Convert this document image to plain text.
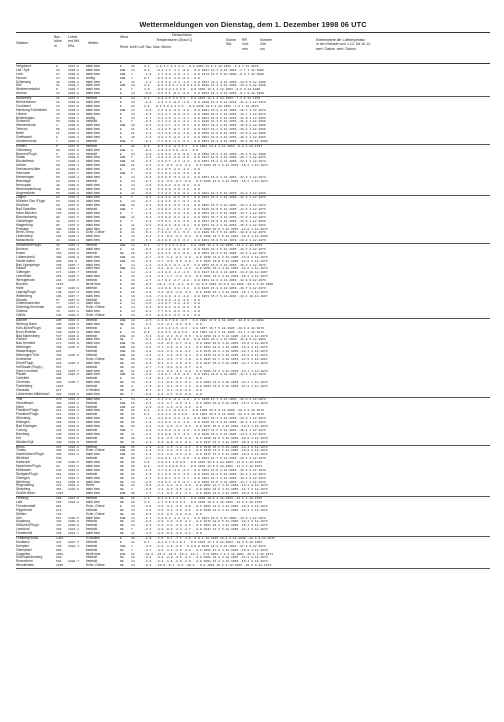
Wettermeldungen von Dienstag, dem 1. Dezember 1998 06 UTC
Station
Bar.-
höhe
m
Luftdr.
red.NN
hPa
Wetter
Wind
Richt. km/h Luft Tau- Max. Minim.
Deutschland
Temperaturen (Grad C)	Sonne
Std.
RR
Vort.
mm
Schnee
24h
cm
Extremwerte der Lufttemperatur
in den Dekade vom 1.12. bis 10.12.
wert  Datum  wert  Datum
Helgoland	8	1037.8 stark bew.	E	25	3.1 1.9 4.1 3.4 3.0 . 0.0 1952 12.0 4.12.1953 -4.4 7.12.1979
List / Sylt	26	1038.2 stark bew.	ENE 14	0.2 -0.4 1.2 -1.1 -0.9 . 0.0 1937 11.7 4.12.1953 -7.7 7.12.1980
Leck	17	1038.8 stark bew.	ENE 7	-1.5 -2.7 3.0 -1.8 -1.4 . 0.0 1974 11.5 5.12.1986 -9.6 7.12.1980
Husum	27	1038.8 wolkig	ENE 7	0.7 -0.5 3.3 -1.8 -0.5 . 0.0
Schleswig	48	1038.8 stark bew.	E	11	-1.1 -1.9 1.8 -2.4 -1.6 . 0.0 1947 12.2 4.12.1953 -14.5 6.12.1980
Kiel	31	1038.7 stark bew.	ENE 14	1.0 -0.9 3.8 2.7 1.0 0.1 0.0 1940 14.3 4.12.1953 -13.6 8.12.1980
Westermarkelsd.	9	1038.7 stark bew.	E	7	1.0 -0.9 3.0 2.8 1.0 . 0.0 1951 12.1 4.12.1953 -9.6 8.12.1980
Arkona	42	1040.0 stark bew.	E	14	-0.9 -3.5 3.1 -0.9 -0.9 . 0.0 1951 12.1 4.12.1953 -8.7 9.12.1969
Norderney	16	1037.2 bedeckt	E	14	0.9 -0.8 2.5 2.0 0.9 . 0.0 1947 11.4 4.12.1953 -7.3 6.12.1978
Bremerhaven	11	1038.0 stark bew.	E	14	-1.0 -2.2 1.4 -0.2 -1.0 . 0.0 1949 13.8 5.12.1978 -11.2 1.12.1973
Cuxhaven	12	1037.8 stark bew.	E	22	1.6 0.3 2.8 2.4 1.5 . 0.0 1948 13.5 4.12.1953 -7.2 1.12.1973
Hamburg-Fuhlsbüttel	15	1038.4 stark bew.	ENE 14	-0.8 -2.2 3.3 -0.8 -2.0 . 0.0 1991 16.4 4.12.1953 -12.6 1.12.1973
Lübeck	15	1038.9 stark bew.	E	14	-0.3 -2.3 2.7 -0.8 -0.3 . 0.0 1890 15.3 4.12.1953 -13.7 1.12.1973
Boltenhagen	17	1038.7 wolkig	E	14	-1.7 -3.1 2.5 -1.4 -1.7 . 0.0 1951 13.9 5.12.1978 -11.0 1.12.1969
Schwerin	59	1038.8 bedeckt	E	7	-2.3 -3.7 1.2 -0.3 -2.4 . 0.1 1948 14.1 5.12.1953 -11.6 1.12.1969
Warnemünde	4	1039.5 stark bew.	ENE 18	-0.6 -2.4 2.7 -1.1 -0.6 . 0.0 1947 12.4 4.12.1953 -10.2 8.12.1980
Teterow	50	1039.3 stark bew.	E	11	-3.4 -4.4 0.5 -0.7 -3.5 . 0.0 1947 14.1 4.12.1953 -16.2 1.12.1969
Barth	11	1039.3 stark bew.	E	11	-1.9 -3.7 1.8 -0.8 -1.9 . 0.0 1955 14.0 5.12.1978 -14.9 8.12.1980
Greifswald	8	1039.4 stark bew.	E	18	-1.6 -3.0 1.6 -0.8 -1.6 . 0.0 1951 13.8 4.12.1953 -10.6 1.12.1969
Ueckermünde	7	1040.0 bedeckt	ESE 4	-5.1 -7.1 0.3 -1.1 -5.4 . 0.0 1961 14.4 4.12.1953 -15.4 10.12.1989
Emden	5	1037.0 bedeckt	E	22	0.5 -0.5 1.0 -0.6 0.1 . 0.0 1951 14.4 4.12.1953 -9.8 1.12.1973
Oldenburg	20	1037.8 stark bew.	ENE 4	-0.1 -1.8 1.3 1.0 -0.2 . 0.0
Bremen/Flugh.	5	1037.9 bedeckt	E	14	-0.8 -1.9 1.9 -1.6 -0.8 . 0.0 1890 15.4 4.12.1953 -15.4 5.12.1980
Soltau	76	1038.0 stark bew.	ENE 7	-2.6 -4.0 1.3 -2.8 -2.8 . 0.0 1947 14.5 4.12.1953 -13.7 1.12.1973
Bröckelbeck	74	1038.1 stark bew.	ENE 11	-2.3 -3.9 0.7 -2.1 -2.4 . 0.0 1951 15.4 4.12.1953 -12.1 1.12.1973
Uelzen	50	1038.4 stark bew.	ENE 11	-2.2 -2.1 -0.5 -2.2 -2.1 . 0.0 1954 15.1 5.12.1978 -15.4 1.12.1973
Seehausen/Altm.	23	1038.8 stark bew.	E	14	-4.4 -6.1 0.5 -2.3 -4.4 . 0.0
Hannover	55	1037.7 stark bew.	ENE 7	-3.0 -5.1 0.2 -3.0 -3.0 . 0.0
Memmingen	95	1038.4 stark bew.	E	14	-5.9 -6.5 0.3 -5.4 -6.3 . 0.0 1951 15.0 4.12.1953 -17.2 1.12.1973
Braunlage	29	1038.3 bedeckt	E	14	-8.7 -9.2 -3.6 -8.7 -8.9 . 0.0 1956 12.8 4.12.1953 -15.2 1.12.1973
Neuruppin	40	1039.0 stark bew.	E	14	-4.9 -6.5 0.0 -4.9 -5.2 . 0.0
Neubrandenburg	80	1039.2 stark bew.	E	14	-4.8 -6.3 0.8 -2.0 -4.8 . 0.0
Angermünde	55	1039.6 stark bew.	E	11	-5.0 -7.6 0.3 -3.6 -5.4 . 0.0 1961 14.4 5.12.1978 -14.9 1.12.1969
Lingen	22	1036.4 stark bew.	E	7	-0.5 -1.8 1.1 -0.5 -0.5 . 0.0 1951 16.4 4.12.1953 -12.3 2.12.1973
Münster-Osn./Flugh.	53	1036.0 stark bew.	E	14	-0.7 -1.8 1.1 -0.7 -0.7 . 0.0
Diepholz	39	1037.0 stark bew.	ENE 11	-3.3 -3.9 0.2 -3.3 -3.3 . 0.0 1952 15.5 4.12.1953 -13.0 2.12.1973
Bad Salzuflen	138 1036.0 bedeckt	ENE 7	-1.5 -3.9 0.2 -1.5 -1.5 . 0.0 1926 16.0 5.12.1985 -14.6 1.12.1973
Hann.Münden	157 1036.2 stark bew.	E	7	-1.8 -2.5 0.8 -1.8 -1.8 . 0.0 1951 16.7 5.12.1985 -13.7 1.12.1973
Braunschweig	88	1037.5 stark bew.	ENE 11	-3.2 -4.5 0.0 -3.2 -3.2 . 0.0 1951 15.7 4.12.1953 -17.0 1.12.1973
Gardelegen	48	1037.2 stark bew.	E	7	-1.9 -5.5 0.4 -1.9 -1.9 . 0.0 1947 16.8 4.12.1953 -15.9 1.12.1969
Magdeburg	85	1037.6 stark bew.	E	11	-3.2 -5.6 0.4 -3.2 -3.2 . 0.0 1951 16.4 4.12.1953 -15.6 1.12.1973
Potsdam	100 1038.9 stark bew.	E	18	-4.7 -5.1 -0.7 -4.7 -4.7 . 0.0 1893 15.8 4.12.1953 -14.8 1.12.1973
Berlin-Temp.	48	1038.8 Schn.-Griese	E	11	-5.1 -7.3 0.0 -5.1 -5.3 . 0.0 1929 15.7 5.12.1951 -18.8 9.12.1879
Lindenberg	104 1039.1 stark bew.	E	14	-6.2 -7.2 -0.1 -6.2 -6.2 . 0.0 1906 13.7 5.12.1961 -13.4 1.12.1969
Manschnow	18	1038.1 stark bew.	E	11	-6.3 -8.3 0.3 -6.5 -6.3 . 0.0 1961 15.0 5.12.1978 -14.8 1.12.1973
Düsseldorf/Flugh.	45	1035.4 bedeckt	ENE 14	0.4 -2.7 2.2 0.1 0.0 . 0.0 1969 16.2 5.12.1985 -13.1 2.12.1973
Bochum	87	1034.6 stark bew.	E	11	-0.5 -1.3 1.0 -0.4 -0.5 . 0.0 1926 16.4 5.12.1985 -12.7 2.12.1973
Essen	161 1034.8 bedeckt	NE 29	-0.7 -2.9 1.1 -0.3 -0.9 . 0.0 1951 15.3 5.12.1985 -12.8 2.12.1973
Lüdenscheid	382 1033.9 stark bew.	ENE 18	-2.7 -4.5 -1.1 -2.1 -2.9 . 0.0 1935 11.8 2.12.1985 -13.0 2.12.1973
Kahler Asten	839 892.6	stark bew.	ENE 14	-5.8 -6.7 -3.5 -5.6 -6.0 . 0.0 1951 13.9 5.12.1985 -14.8 1.12.1973
Bad Lippspringe	158 1035.7 stark bew.	E	14	-1.6 -4.1 0.4 -0.4 -1.6 . 0.0 1951 16.0 4.12.1953 -16.2 1.12.1973
Kassel	233 1036.1 stark bew.	NNE 14	-1.1 -4.4 -0.9 -1.1 -1.2 . 0.0 1951 15.1 4.12.1953 -14.6 1.12.1973
Göttingen	171 1036.7 bedeckt	E	14	-1.2 -4.9 0.9 -1.2 -1.3 . 0.0 1947 16.0 4.12.1953 -14.2 10.12.1967
Leinefelde	356 1035.7 stark bew.	E	18	-4.3 -5.3 -1.7 -4.3 -4.3 . 0.0 1951 15.6 4.12.1953 -15.2 1.12.1973
Wernigerode	234 1036.5 bedeckt	E	14	-2.7 -4.7 0.2 -2.7 -2.8 . 0.0 1951 14.0 4.12.1953 -12.9 9.12.1973
Brocken	1153	leicht bew.	E	50	-8.5 -11.1 -3.4 -8.2 -8.8 -11 0.5 1951 11.6 5.12.1962 -15.1 6.12.1995
Halle	103 1036.6 bedeckt	E	22	-3.0 -4.0 0.0 -3.0 -3.2 . 0.0 1946 15.1 4.12.1953 -14.7 1.12.1973
Leipzig/Flugh.	148 1037.3 stark bew.	E	18	-4.8 -5.4 -0.3 -4.8 -4.9 . 0.0 1934 15.1 4.12.1953 -15.1 1.12.1973
Wittenberg	106 1037.7 stark bew.	E	18	-4.8 -7.8 0.9 -4.4 -4.8 . 0.0 1951 15.7 5.12.1961 -13.4 10.12.1967
Dessau	57	1037.0 bedeckt	E	14	-4.0 -5.0 0.0 -4.0 -4.0 . 0.0
Gräfenhainichen	77	1037.4 stark bew.	E	14	-3.6 -4.9 0.7 -3.6 -3.6 . 0.0
Doberlug-Kirchhain	100 1037.6 Schn.-Griese	E	14	-6.8 -8.5 0.3 -6.6 -6.8 . 0.0
Cottbus	70	1037.4 stark bew.	E	14	-6.2 -7.7 0.4 -6.2 -6.4 . 0.0
Görlitz	239 1039.9 Schn.-Griese	E	14	-6.5 -8.2 0.4 -6.5 -6.6 . 0.0
Aachen	205 1033.3 bedeckt	ENE 18	-0.5 -1.3 0.7 0.0 -0.5 . 0.0 1891 17.8 4.12.1953 -12.8 8.12.1962
Nürburg-Barw.	485 1034.5 stark bew.	NE 18	-3.3 -3.6 -2.4 -3.3 -3.5 . 0.0
Köln-Bonn/Flugh.	100 1033.7 bedeckt	E	11	1.4 -2.6 1.8 1.5 -0.3 . 0.0 1957 16.7 5.12.1985 -10.9 2.12.1973
Bonn-Roleber	129 1033.0 stark bew.	E	14	0.8 -2.0 1.6 -0.8 0.8 . 0.0 1951 16.2 5.12.1985 -11.1 2.12.1973
Bad Marienberg	547 1034.0 bedeckt	ESE 11	-5.3 -5.8 -2.3 -5.2 -5.5 . 0.0 1950 13.3 5.12.1985 -13.4 2.12.1973
Gießen	195 1033.9 stark bew.	NE 7	-0.4 -3.4 0.9 -0.4 -0.6 . 0.0 1946 15.2 4.12.1953 -12.8 8.12.1962
Bad Hersfeld	272 1034.9 stark bew.	ENE 18	-3.2 -4.0 -0.3 -2.7 -3.2 . 0.0 1951 16.5 4.12.1953 -13.6 1.12.1973
Meiningen	450 1035.8 bedeckt	ENE 18	-4.0 -5.7 -1.9 -3.8 -4.1 . 0.0 1951 12.9 4.12.1953 -14.2 1.12.1973
Wasserkuppe	921	bedeckt	NNE 18	-3.9 -4.0 -1.6 -3.8 -4.1 . 0.0 1978 13.4 4.12.1953 -14.7 1.12.1973
Meiningen/Thür.	453 1035.8 bedeckt	ENE 18	-4.1 -4.1 -1.8 -3.4 -4.4 . 0.0 1978 11.8 5.12.1978 -15.8 1.12.1973
Schmücke	937	Schn.-Griese	NE 29	-7.3 -9.1 -4.9 -7.3 -7.9 . 0.0 1947 11.7 4.12.1953 -12.5 1.12.1987
Erfurt/Flugh.	322 1036.4 stark bew.	NE 22	-3.8 -6.1 -1.3 -3.8 -3.9 . 0.0 1947 15.2 5.12.1985 -14.1 1.12.1973
Hof/Saale (Flugh.)	567	bedeckt	NE 22	-6.7 -7.3 -4.0 -6.6 -6.7 . 0.0
Gera-Leumnitz	311 1035.7 stark bew.	NE 11	-4.3 -6.2 -0.3 -4.1 -4.6 . 0.0 1951 14.3 4.12.1953 -13.7 1.12.1973
Plauen	386 1034.6 stark bew.	NNE 11	-3.8 -4.8 0.7 -3.5 -3.8 . 0.0 1951 14.8 4.12.1953 -17.6 1.12.1973
Carlsfeld	896	bedeckt	E	11	-7.8 -8.2 -7.1 -5.0 -7.8 . 0.0
Chemnitz	420 1035.7 stark bew.	NE 14	-6.3 -7.4 -0.8 -6.1 -6.4 . 0.0 1951 14.3 4.12.1953 -14.1 1.12.1973
Fichtelberg	1215	bedeckt	NE 4	-7.3 -8.1 -3.2 -5.7 -7.6 . 0.0 1951 14.8 2.12.1953 -17.2 1.12.1973
Zinnwald	877	in Wolken	NE 29	-8.7 -8.7 -3.1 -4.8 -8.9 . 0.0
Lichtenhain-Mittelndorf 320 1035.5 stark bew.	NE 7	-6.0 -6.9 -1.5 -6.0 -6.0 . 0.0
Trier	273 1031.4 stark bew.	E	14	-0.4 -2.3 1.8 -0.4 -1.0 . 0.1 1948 17.7 4.12.1953 -12.9 2.12.1973
Deuselbach	483 1033.2 bedeckt	ENE 18	-2.9 -3.6 -1.7 -2.3 -3.1 . 0.0 1951 16.0 5.12.1953 -15.5 2.12.1973
Hahn	498 1032.9 bedeckt	ENE 22	-2.9 -3.6 -1.6 -2.9 -2.9 . 0.0
Frankfurt/Flugh.	112 1032.3 stark bew.	NE 18	0.2 -2.2 1.2 -0.2 0.2 . 0.0 1930 16.3 5.12.1985 -10.2 2.12.1973
Frankfurt/Flugh.	112 1032.7 bedeckt	NE 22	0.2 -2.0 1.4 -0.2 0.0 . 0.0 1951 15.8 4.12.1953 -12.6 2.12.1973
Würzburg	268 1032.9 stark bew.	NE 25	-1.2 -4.6 0.9 -1.0 -1.6 . 0.0 1887 12.7 4.12.1953 -14.6 1.12.1973
Kitzingen	188 1033.7 stark bew.	NE 22	-1.0 -4.1 0.4 -1.0 -1.8 . 0.0 1946 16.4 4.12.1953 -11.4 1.12.1973
Bad Kissingen	282 1033.9 stark bew.	NE 18	-3.4 -4.5 -1.8 -3.4 -3.5 . 0.0 1947 15.0 4.12.1953 -13.4 1.12.1973
Coburg	323 1034.3 bedeckt	NNE 7	-2.8 -5.4 0.8 -2.8 -3.0 . 0.0 1947 14.5 5.12.1951 -15.4 1.12.1973
Bamberg	240 1033.6 stark bew.	NE 11	-3.1 -5.9 0.8 -3.1 -3.1 . 0.0 1949 16.6 5.12.1985 -14.9 1.12.1973
Hof	568 1034.9 bedeckt	NE 18	-4.9 -6.9 -2.0 -4.9 -5.0 . 0.0 1929 13.0 4.12.1953 -19.8 1.12.1973
Weiden/Opf.	440 1033.9 bedeckt	NE 11	-3.3 -5.6 -0.8 -3.3 -3.4 . 0.0 1947 14.4 4.12.1953 -20.8 3.12.1973
Berus	367 1030.9 bedeckt	ENE 25	-1.9 -2.9 -1.5 -1.2 -2.1 . 0.0 1978 15.6 5.12.1985 -14.2 2.12.1973
Tholey	396 1031.2 Schn.-Griese	ENE 29	-1.9 -2.9 -1.2 -1.5 -2.1 . 0.0 1979 14.0 5.12.1985 -10.9 2.12.1973
Saarbrücken/Flugh.	320 1031.3 stark bew.	ENE 22	-2.3 -3.3 -1.0 -2.4 -2.3 . 0.0 1977 17.2 5.12.1985 -10.9 2.12.1973
Weinbiet	553	bedeckt	NE 18	-2.7 -3.0 0.4 -1.7 -2.8 . 0.0 1951 14.7 5.12.1985 -12.1 2.12.1973
Karlsruhe	145 1030.5 stark bew.	NE 29	1.0 -2.9 1.1 1.0 0.6 . 0.0 1876 16.3 4.12.1953 -11.0 2.12.1973
Mannheim/Flugh.	96	1031.1 stark bew.	NE 29	0.8 -3.0 1.0 0.8 0.4 . 0.0 1978 17.8 5.12.1952 -11.4 2.12.1973
Mühlacker	244 1031.5 stark bew.	NE 25	-1.0 -4.7 0.0 -1.0 -1.1 . 0.0 1951 14.8 4.12.1953 -11.8 2.12.1973
Stuttgart/Flugh.	391 1031.7 bedeckt	NE 18	-1.0 -2.7 0.8 -0.6 -1.0 . 0.0 1920 16.2 5.12.1985 -12.9 2.12.1973
Öhringen	277 1031.2 stark bew.	NE 22	-1.7 -5.4 0.7 -1.5 -1.7 . 0.0 1951 14.7 4.12.1953 -14.4 2.12.1973
Nürnberg	314 1032.5 stark bew.	NE 14	-2.5 -5.0 0.4 -2.5 -2.7 . 0.0 1955 16.5 4.12.1953 -14.7 1.12.1973
Regensburg	371 1032.2 Nebel	NE 11	-3.9 -4.3 -1.4 -3.4 -4.0 . 0.0 1957 11.7 4.12.1953 -16.4 3.12.1973
Straubing	351 1032.5 stark bew.	NE 7	-3.8 -4.3 -0.3 -3.5 -4.2 . 0.0 1961 15.5 4.12.1953 -16.7 3.12.1973
Großer Arber	1446	stark bew.	ENE 36	-7.7 -7.4 -6.5 -6.1 -7.4 . 2.8 1982 11.8 4.12.1953 -15.0 1.12.1973
Freiburg	269 1027.6 bedeckt	NE 29	1.3 -0.5 2.6 1.3 1.2 . 0.0 1926 18.8 4.12.1953 -12.2 2.12.1973
Lahr	155 1028.2 stark bew.	NE 18	3.6 -1.7 3.9 3.6 3.4 . 0.0 1951 16.5 4.12.1953 -11.5 3.12.1973
Freudenstadt	801	Schn.-Griese	E	14	-3.9 -5.5 -3.2 -3.8 -4.0 . 0.5 1951 12.3 4.12.1953 -16.3 2.12.1973
Klippeneck	973	bedeckt	NE 14	-3.5 -4.5 -3.3 -3.5 -3.5 . 0.0 1946 13.8 4.12.1953 -13.7 2.12.1973
Stötten	734	Schn.-Griese	NE 25	-3.8 -5.0 -2.6 -3.8 -3.9 . 0.0
Ulm	567 1030.5 stark bew.	ENE 14	-1.7 -3.3 0.3 -1.5 -2.1 . 0.0 1951 13.5 4.12.1953 -13.8 2.12.1973
Augsburg	462 1030.6 bedeckt	NE 22	-2.0 -2.9 -1.0 -1.9 -2.4 . 0.0 1976 12.8 5.12.1985 -12.1 3.12.1973
München/Flugh.	447 1030.8 bedeckt	NE 14	-2.3 -3.3 -1.0 -2.3 -2.5 . 0.0 1951 14.1 4.12.1953 -15.7 3.12.1973
Landshut	393 1031.4 bedeckt	NE 7	-2.4 -4.0 -0.8 -2.4 -2.7 . 0.0 1947 12.7 5.12.1985 -14.4 3.12.1973
Fürstenzell	476 1031.7 stark bew.	NE 11	-4.6 -4.9 -0.3 -4.5 -4.6 . 0.0
Feldberg/Schw.	1493	in Wolken	E	43	-8.8 -7.5 -5.7 -7.1 -7.9 -9 0.1 25 1945 12.2 5.12.1948 -22.9 8.12.1945
Konstanz	447 1027.7 bedeckt	E	11	0.7 -0.7 0.7 0.1 0.7 . 0.0 1947 17.2 5.12.1953 -10.9 9.12.1952
Kempten	705 1028.4 bedeckt	SSE 7	-4.0 -1.0 -1.8 -2.5 . 0.0 0.8 1970 16.2 4.12.1953 -27.2 3.12.1973
Oberstdorf	806	bedeckt	NE 7	-3.7 -4.0 -1.4 -2.8 -3.9 . 0.0 1951 17.3 4.12.1953 -19.9 3.12.1973
Zugspitze	2962	leicht bew.	ESE 22	-13.6 -14.1 -13.4 -13.4 -14.1 . 0.0 1951 7.8 4.12.1953 -25.1 4.12.1973
Hohenpeißenberg	986	bedeckt	NE 18	-4.2 -4.2 -2.9 -3.6 -4.3 . 0.0 1951 14.3 4.12.1953 -15.6 3.12.1973
Rosenheim	501 1028.7 bedeckt	NE 14	-2.8 -3.4 -1.8 -2.8 -2.9 . 0.0 1951 14.4 4.12.1953 -15.4 3.12.1973
Wendelstein	1835	Schn.-Griese	NE 14	-9.8 -10.9 -8.1 -9.4 -10.0 . 0.0 1951 10.1 4.12.1953 -18.2 3.12.1973
